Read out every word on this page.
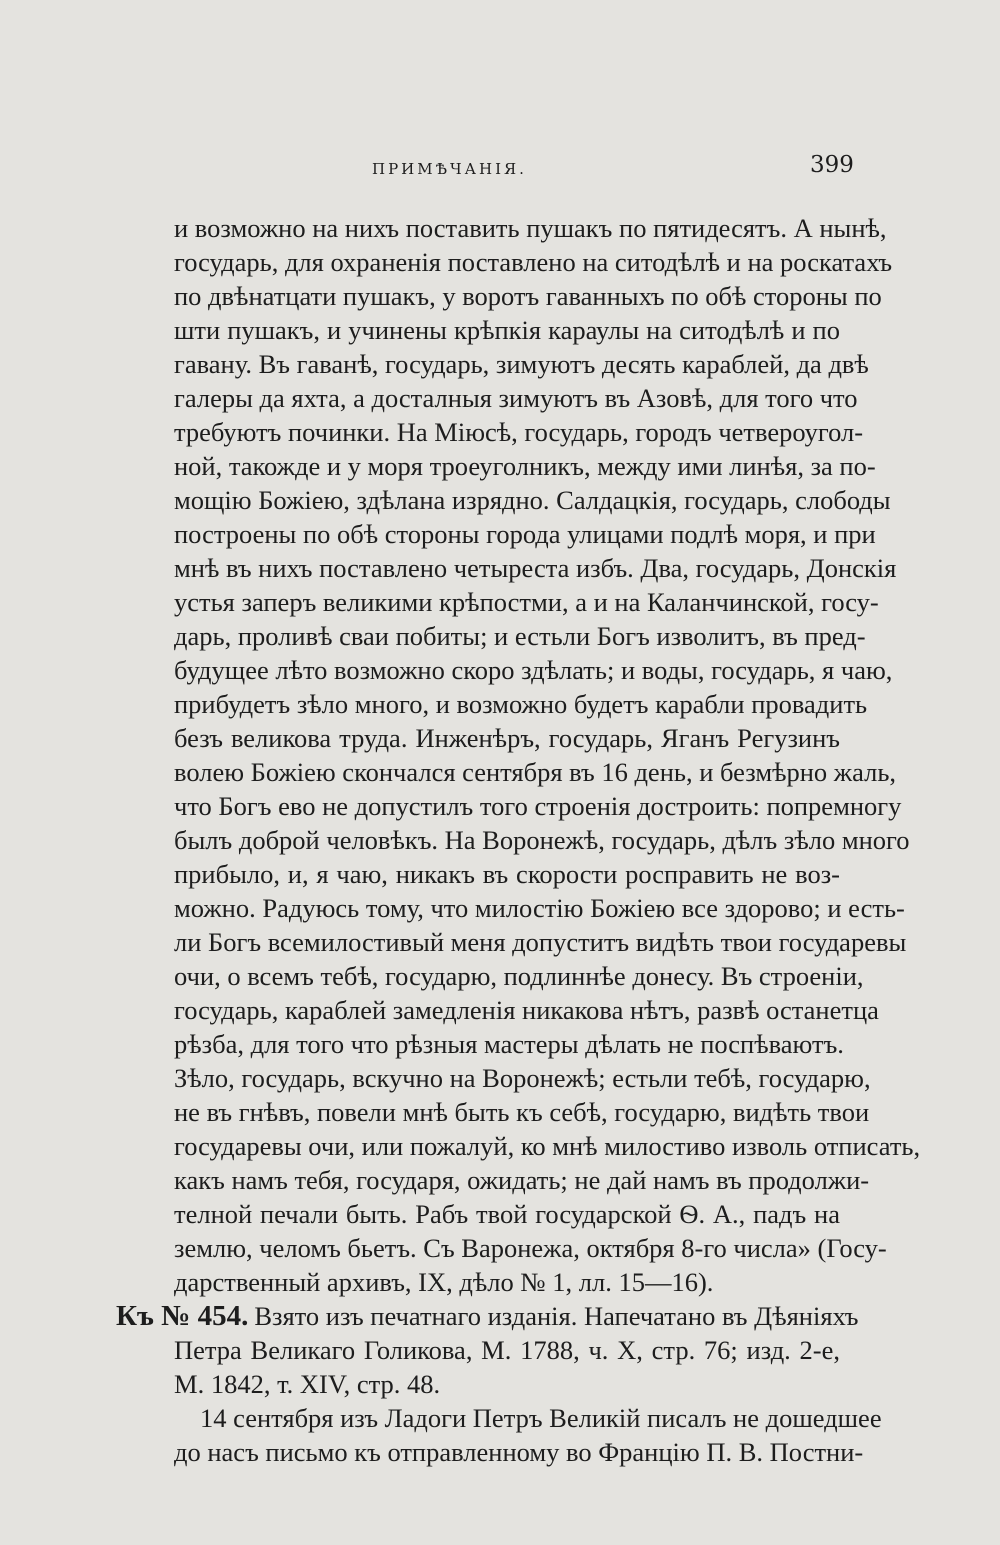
ПРИМѢЧАНІЯ.	399
и возможно на нихъ поставить пушакъ по пятидесятъ. А нынѣ,
государь, для охраненія поставлено на ситодѣлѣ и на роскатахъ
по двѣнатцати пушакъ, у воротъ гаванныхъ по обѣ стороны по
шти пушакъ, и учинены крѣпкія караулы на ситодѣлѣ и по
гавану. Въ гаванѣ, государь, зимуютъ десять караблей, да двѣ
галеры да яхта, а досталныя зимуютъ въ Азовѣ, для того что
требуютъ починки. На Міюсѣ, государь, городъ четвероугол-
ной, такожде и у моря троеуголникъ, между ими линѣя, за по-
мощію Божіею, здѣлана изрядно. Салдацкія, государь, слободы
построены по обѣ стороны города улицами подлѣ моря, и при
мнѣ въ нихъ поставлено четыреста избъ. Два, государь, Донскія
устья заперъ великими крѣпостми, а и на Каланчинской, госу-
дарь, проливѣ сваи побиты; и естьли Богъ изволитъ, въ пред-
будущее лѣто возможно скоро здѣлать; и воды, государь, я чаю,
прибудетъ зѣло много, и возможно будетъ карабли провадить
безъ великова труда. Инженѣръ, государь, Яганъ Регузинъ
волею Божіею скончался сентября въ 16 день, и безмѣрно жаль,
что Богъ ево не допустилъ того строенія достроить: попремногу
былъ доброй человѣкъ. На Воронежѣ, государь, дѣлъ зѣло много
прибыло, и, я чаю, никакъ въ скорости росправить не воз-
можно. Радуюсь тому, что милостію Божіею все здорово; и есть-
ли Богъ всемилостивый меня допуститъ видѣть твои государевы
очи, о всемъ тебѣ, государю, подлиннѣе донесу. Въ строеніи,
государь, караблей замедленія никакова нѣтъ, развѣ останетца
рѣзба, для того что рѣзныя мастеры дѣлать не поспѣваютъ.
Зѣло, государь, вскучно на Воронежѣ; естьли тебѣ, государю,
не въ гнѣвъ, повели мнѣ быть къ себѣ, государю, видѣть твои
государевы очи, или пожалуй, ко мнѣ милостиво изволь отписать,
какъ намъ тебя, государя, ожидать; не дай намъ въ продолжи-
телной печали быть. Рабъ твой государской Ѳ. А., падъ на
землю, челомъ бьетъ. Съ Варонежа, октября 8-го числа» (Госу-
дарственный архивъ, IX, дѣло № 1, лл. 15—16).
Къ № 454. Взято изъ печатнаго изданія. Напечатано въ Дѣяніяхъ
Петра Великаго Голикова, М. 1788, ч. X, стр. 76; изд. 2-е,
М. 1842, т. XIV, стр. 48.
14 сентября изъ Ладоги Петръ Великій писалъ не дошедшее
до насъ письмо къ отправленному во Францію П. В. Постни-
